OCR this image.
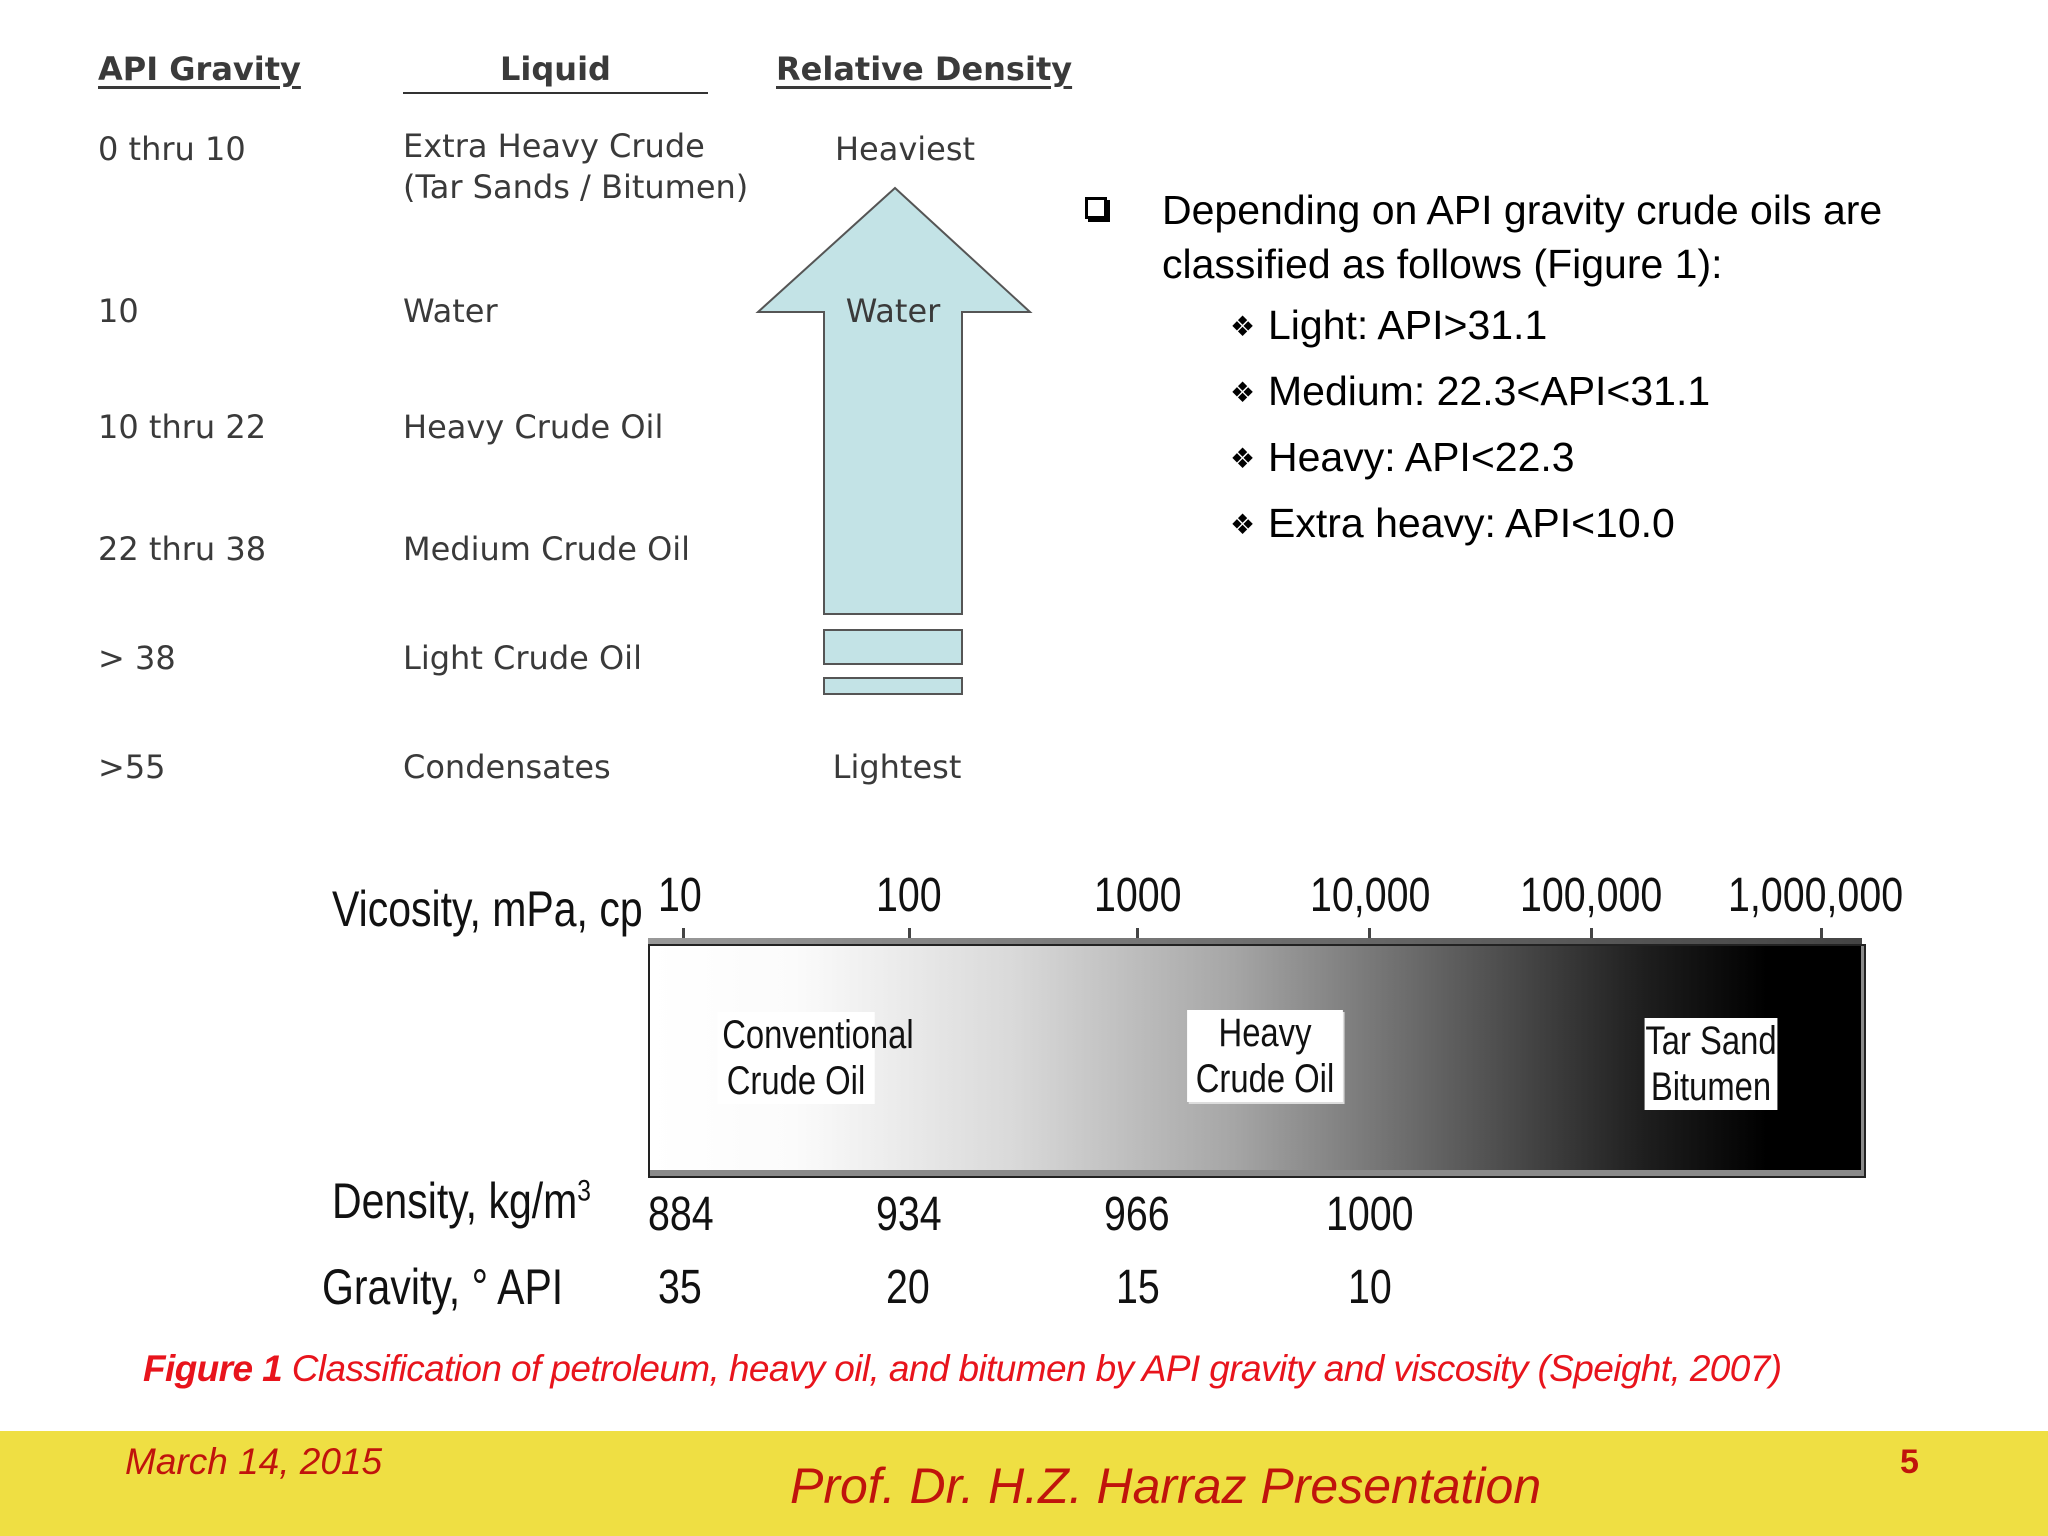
API Gravity	Liquid	Relative Density
0 thru 10	Extra Heavy Crude
(Tar Sands / Bitumen)
10	Water
10 thru 22	Heavy Crude Oil
22 thru 38	Medium Crude Oil
> 38	Light Crude Oil
>55	Condensates
Heaviest
Water
Lightest
Depending on API gravity crude oils are
classified as follows (Figure 1):
❖ Light: API>31.1
❖ Medium: 22.3<API<31.1
❖ Heavy: API<22.3
❖ Extra heavy: API<10.0
Vicosity, mPa, cp 10	100	1000	10,000 100,000 1,000,000
Conventional
Crude Oil
Heavy
Crude Oil
Tar Sand
Bitumen
Density, $kg/m^3$ 884	934	966	1000
Gravity, ° API 35	20	15	10
Figure 1 Classification of petroleum, heavy oil, and bitumen by API gravity and viscosity (Speight, 2007)
March 14, 2015	Prof. Dr. H.Z. Harraz Presentation	5
